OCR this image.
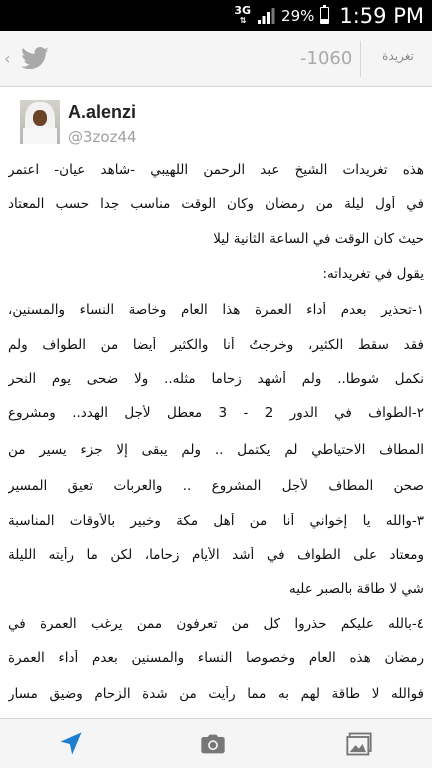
3G
⇅ 29% 1:59 PM
‹	-1060	تغريدة
A.alenzi
@3zoz44
هذه تغريدات الشيخ عبد الرحمن اللهيبي -شاهد عيان- اعتمر
في أول ليلة من رمضان وكان الوقت مناسب جدا حسب المعتاد
حيث كان الوقت في الساعة الثانية ليلا
يقول في تغريداته:
١-تحذير بعدم أداء العمرة هذا العام وخاصة النساء والمسنين،
فقد سقط الكثير، وخرجتُ أنا والكثير أيضا من الطواف ولم
نكمل شوطا.. ولم أشهد زحاما مثله.. ولا ضحى يوم النحر
٢-الطواف في الدور 2 - 3 معطل لأجل الهدد.. ومشروع
المطاف الاحتياطي لم يكتمل .. ولم يبقى إلا جزء يسير من
صحن المطاف لأجل المشروع .. والعربات تعيق المسير
٣-والله يا إخواني أنا من أهل مكة وخبير بالأوقات المناسبة
ومعتاد على الطواف في أشد الأيام زحاما، لكن ما رأيته الليلة
شي لا طاقة بالصبر عليه
٤-بالله عليكم حذروا كل من تعرفون ممن يرغب العمرة في
رمضان هذه العام وخصوصا النساء والمسنين بعدم أداء العمرة
فوالله لا طاقة لهم به مما رأيت من شدة الزحام وضيق مسار
